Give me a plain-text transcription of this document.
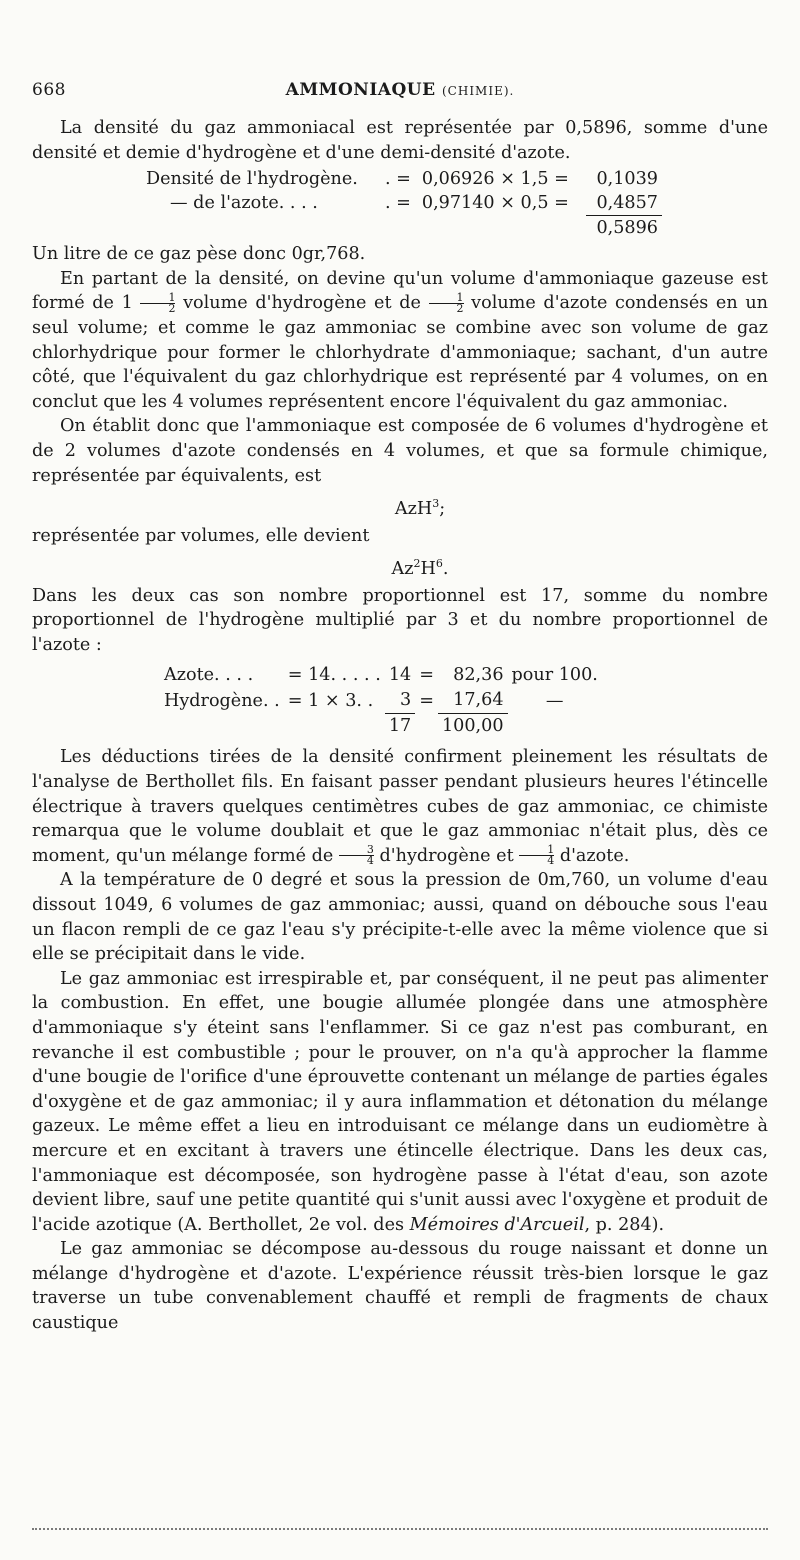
668	AMMONIAQUE (CHIMIE).

La densité du gaz ammoniacal est représentée par 0,5896, somme d'une densité et demie d'hydrogène et d'une demi-densité d'azote.

Densité de l'hydrogène.	. =	0,06926 × 1,5 =	0,1039
— de l'azote. . . .	. =	0,97140 × 0,5 =	0,4857
			0,5896

Un litre de ce gaz pèse donc 0gr,768.

En partant de la densité, on devine qu'un volume d'ammoniaque gazeuse est formé de $1 \frac{1}{2}$ volume d'hydrogène et de $\frac{1}{2}$ volume d'azote condensés en un seul volume; et comme le gaz ammoniac se combine avec son volume de gaz chlorhydrique pour former le chlorhydrate d'ammoniaque; sachant, d'un autre côté, que l'équivalent du gaz chlorhydrique est représenté par 4 volumes, on en conclut que les 4 volumes représentent encore l'équivalent du gaz ammoniac.

On établit donc que l'ammoniaque est composée de 6 volumes d'hydrogène et de 2 volumes d'azote condensés en 4 volumes, et que sa formule chimique, représentée par équivalents, est

AzH$^3$;

représentée par volumes, elle devient

$Az^2H^6$.

Dans les deux cas son nombre proportionnel est 17, somme du nombre proportionnel de l'hydrogène multiplié par 3 et du nombre proportionnel de l'azote :

Azote. . . .	= 14. . . . .	14	=	82,36	pour 100.
Hydrogène. .	= 1 × 3. .	3	=	17,64	—
		17		100,00	

Les déductions tirées de la densité confirment pleinement les résultats de l'analyse de Berthollet fils. En faisant passer pendant plusieurs heures l'étincelle électrique à travers quelques centimètres cubes de gaz ammoniac, ce chimiste remarqua que le volume doublait et que le gaz ammoniac n'était plus, dès ce moment, qu'un mélange formé de $\frac{3}{4}$ d'hydrogène et $\frac{1}{4}$ d'azote.

A la température de 0 degré et sous la pression de 0m,760, un volume d'eau dissout 1049, 6 volumes de gaz ammoniac; aussi, quand on débouche sous l'eau un flacon rempli de ce gaz l'eau s'y précipite-t-elle avec la même violence que si elle se précipitait dans le vide.

Le gaz ammoniac est irrespirable et, par conséquent, il ne peut pas alimenter la combustion. En effet, une bougie allumée plongée dans une atmosphère d'ammoniaque s'y éteint sans l'enflammer. Si ce gaz n'est pas comburant, en revanche il est combustible ; pour le prouver, on n'a qu'à approcher la flamme d'une bougie de l'orifice d'une éprouvette contenant un mélange de parties égales d'oxygène et de gaz ammoniac; il y aura inflammation et détonation du mélange gazeux. Le même effet a lieu en introduisant ce mélange dans un eudiomètre à mercure et en excitant à travers une étincelle électrique. Dans les deux cas, l'ammoniaque est décomposée, son hydrogène passe à l'état d'eau, son azote devient libre, sauf une petite quantité qui s'unit aussi avec l'oxygène et produit de l'acide azotique (A. Berthollet, 2e vol. des Mémoires d'Arcueil, p. 284).

Le gaz ammoniac se décompose au-dessous du rouge naissant et donne un mélange d'hydrogène et d'azote. L'expérience réussit très-bien lorsque le gaz traverse un tube convenablement chauffé et rempli de fragments de chaux caustique
